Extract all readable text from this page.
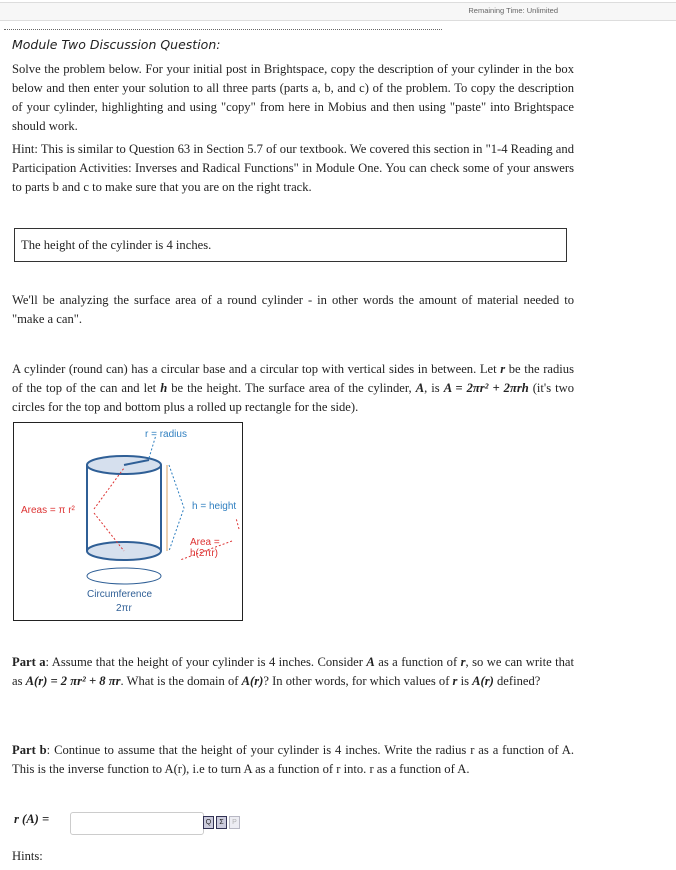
Remaining Time: Unlimited
Module Two Discussion Question:
Solve the problem below. For your initial post in Brightspace, copy the description of your cylinder in the box below and then enter your solution to all three parts (parts a, b, and c) of the problem. To copy the description of your cylinder, highlighting and using "copy" from here in Mobius and then using "paste" into Brightspace should work.
Hint: This is similar to Question 63 in Section 5.7 of our textbook. We covered this section in "1-4 Reading and Participation Activities: Inverses and Radical Functions" in Module One. You can check some of your answers to parts b and c to make sure that you are on the right track.
The height of the cylinder is 4 inches.
We'll be analyzing the surface area of a round cylinder - in other words the amount of material needed to "make a can".
A cylinder (round can) has a circular base and a circular top with vertical sides in between. Let r be the radius of the top of the can and let h be the height. The surface area of the cylinder, A, is A = 2πr² + 2πrh (it's two circles for the top and bottom plus a rolled up rectangle for the side).
r = radius
Areas = π r²	h = height
Area = h(2πr)
Circumference
2πr
Part a: Assume that the height of your cylinder is 4 inches. Consider A as a function of r, so we can write that as A(r) = 2 πr² + 8 πr. What is the domain of A(r)? In other words, for which values of r is A(r) defined?
Part b: Continue to assume that the height of your cylinder is 4 inches. Write the radius r as a function of A. This is the inverse function to A(r), i.e to turn A as a function of r into. r as a function of A.
r (A) =	Q	Σ	P
Hints:
